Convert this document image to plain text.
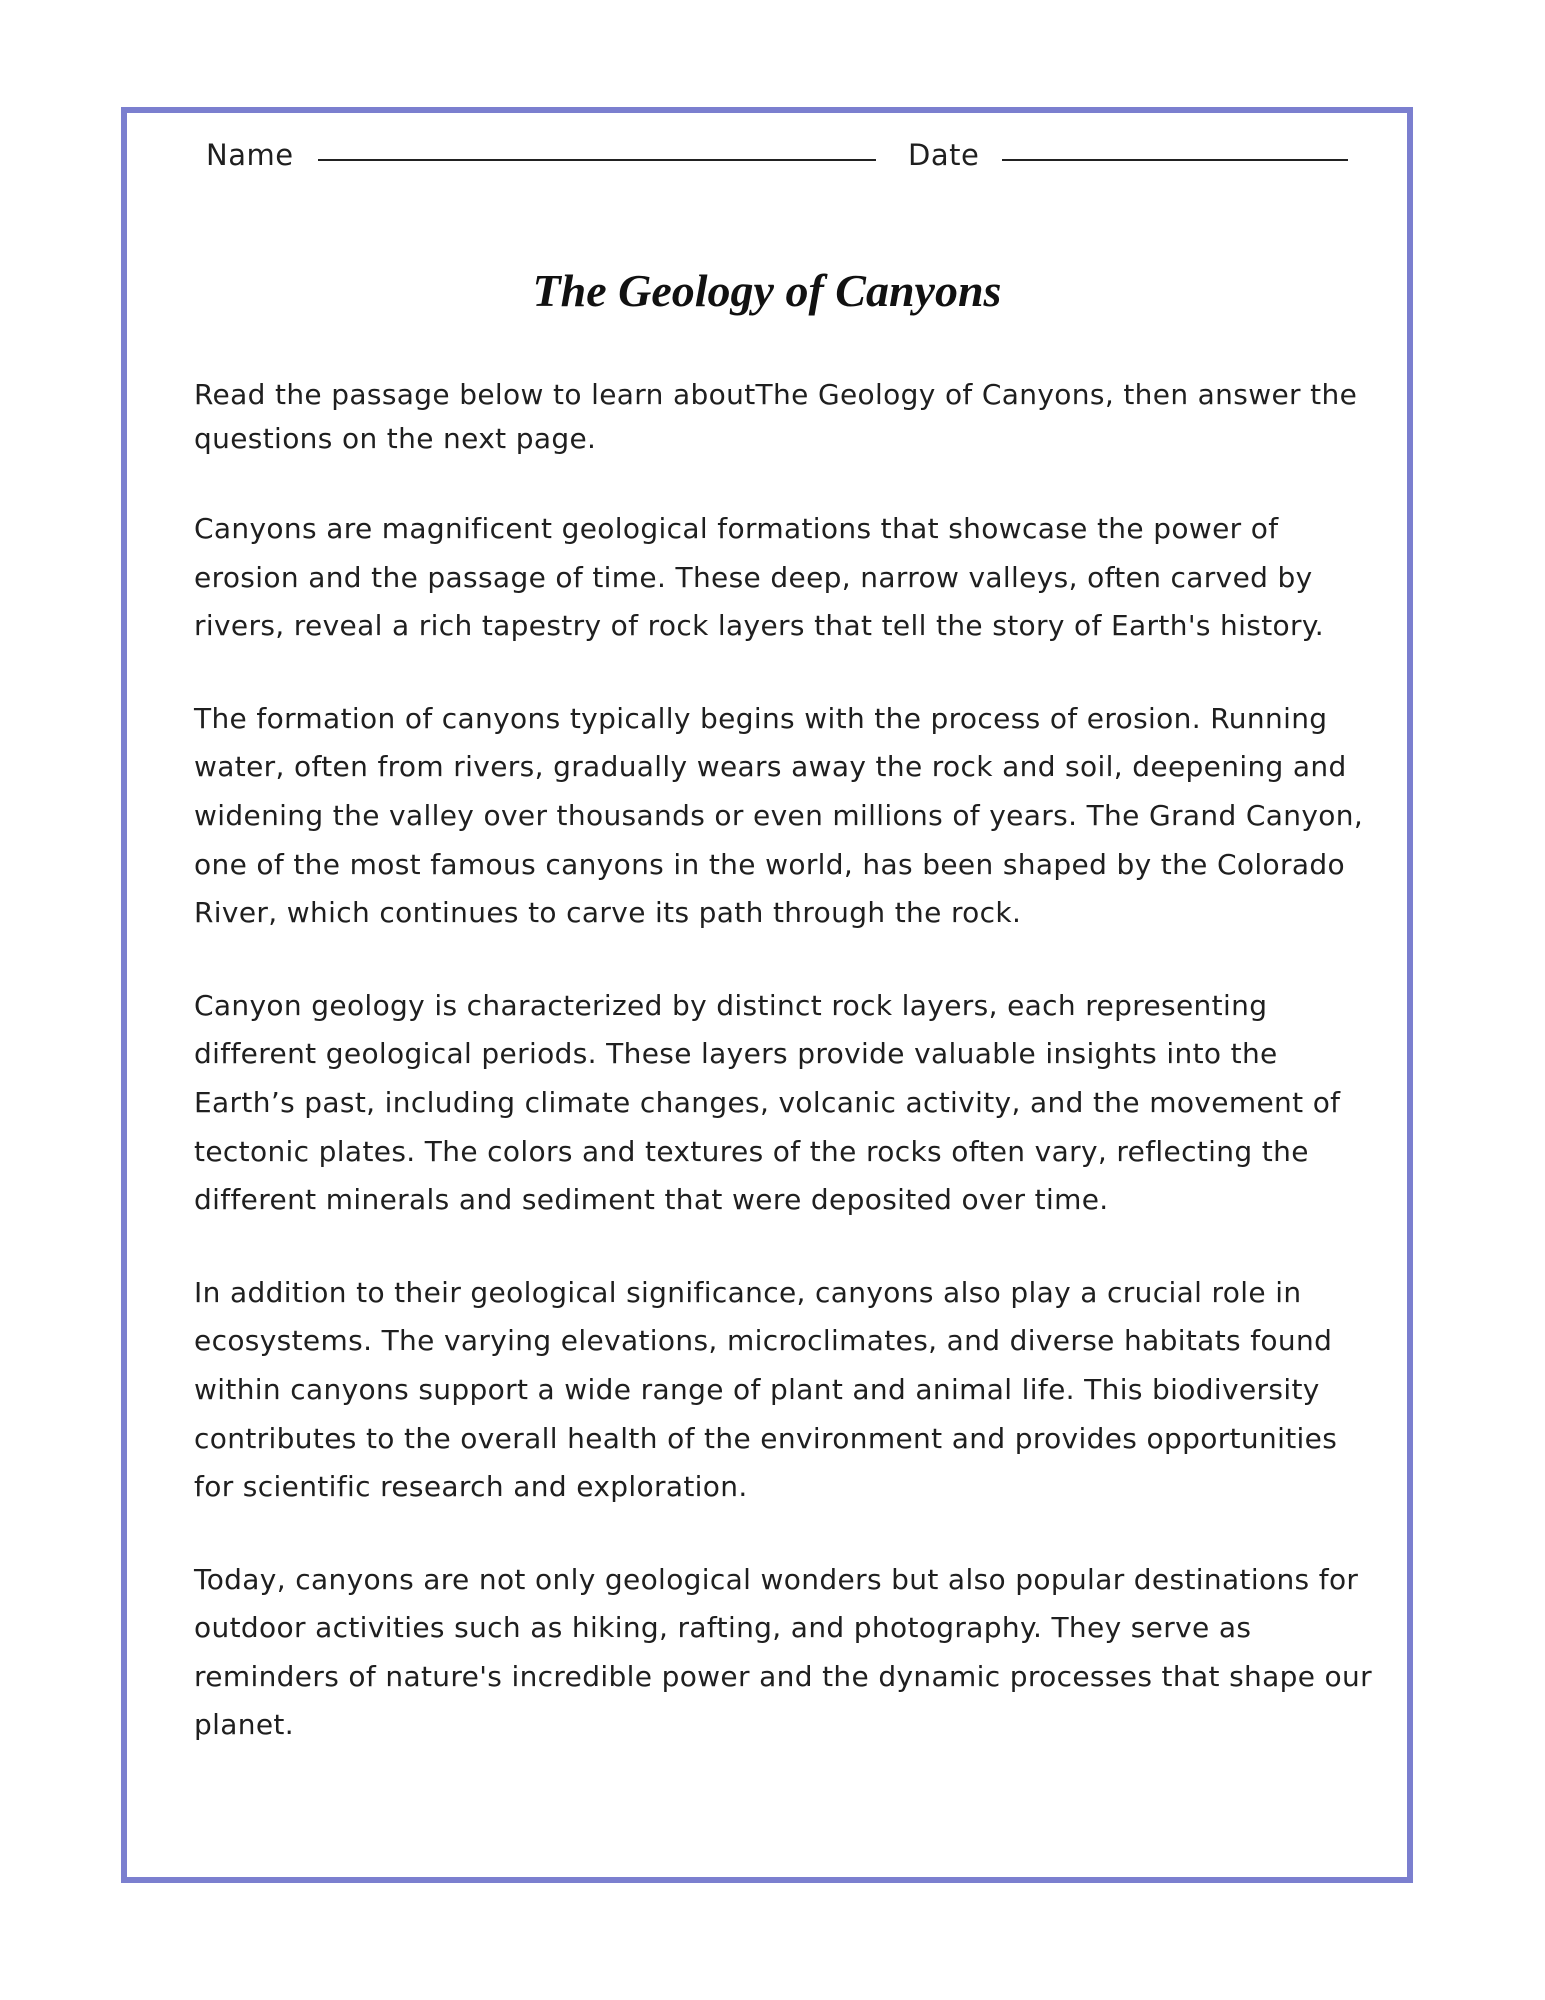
Name	Date
The Geology of Canyons

Read the passage below to learn aboutThe Geology of Canyons, then answer the questions on the next page.

Canyons are magnificent geological formations that showcase the power of erosion and the passage of time. These deep, narrow valleys, often carved by rivers, reveal a rich tapestry of rock layers that tell the story of Earth's history.

The formation of canyons typically begins with the process of erosion. Running water, often from rivers, gradually wears away the rock and soil, deepening and widening the valley over thousands or even millions of years. The Grand Canyon, one of the most famous canyons in the world, has been shaped by the Colorado River, which continues to carve its path through the rock.

Canyon geology is characterized by distinct rock layers, each representing different geological periods. These layers provide valuable insights into the Earth’s past, including climate changes, volcanic activity, and the movement of tectonic plates. The colors and textures of the rocks often vary, reflecting the different minerals and sediment that were deposited over time.

In addition to their geological significance, canyons also play a crucial role in ecosystems. The varying elevations, microclimates, and diverse habitats found within canyons support a wide range of plant and animal life. This biodiversity contributes to the overall health of the environment and provides opportunities for scientific research and exploration.

Today, canyons are not only geological wonders but also popular destinations for outdoor activities such as hiking, rafting, and photography. They serve as reminders of nature's incredible power and the dynamic processes that shape our planet.
